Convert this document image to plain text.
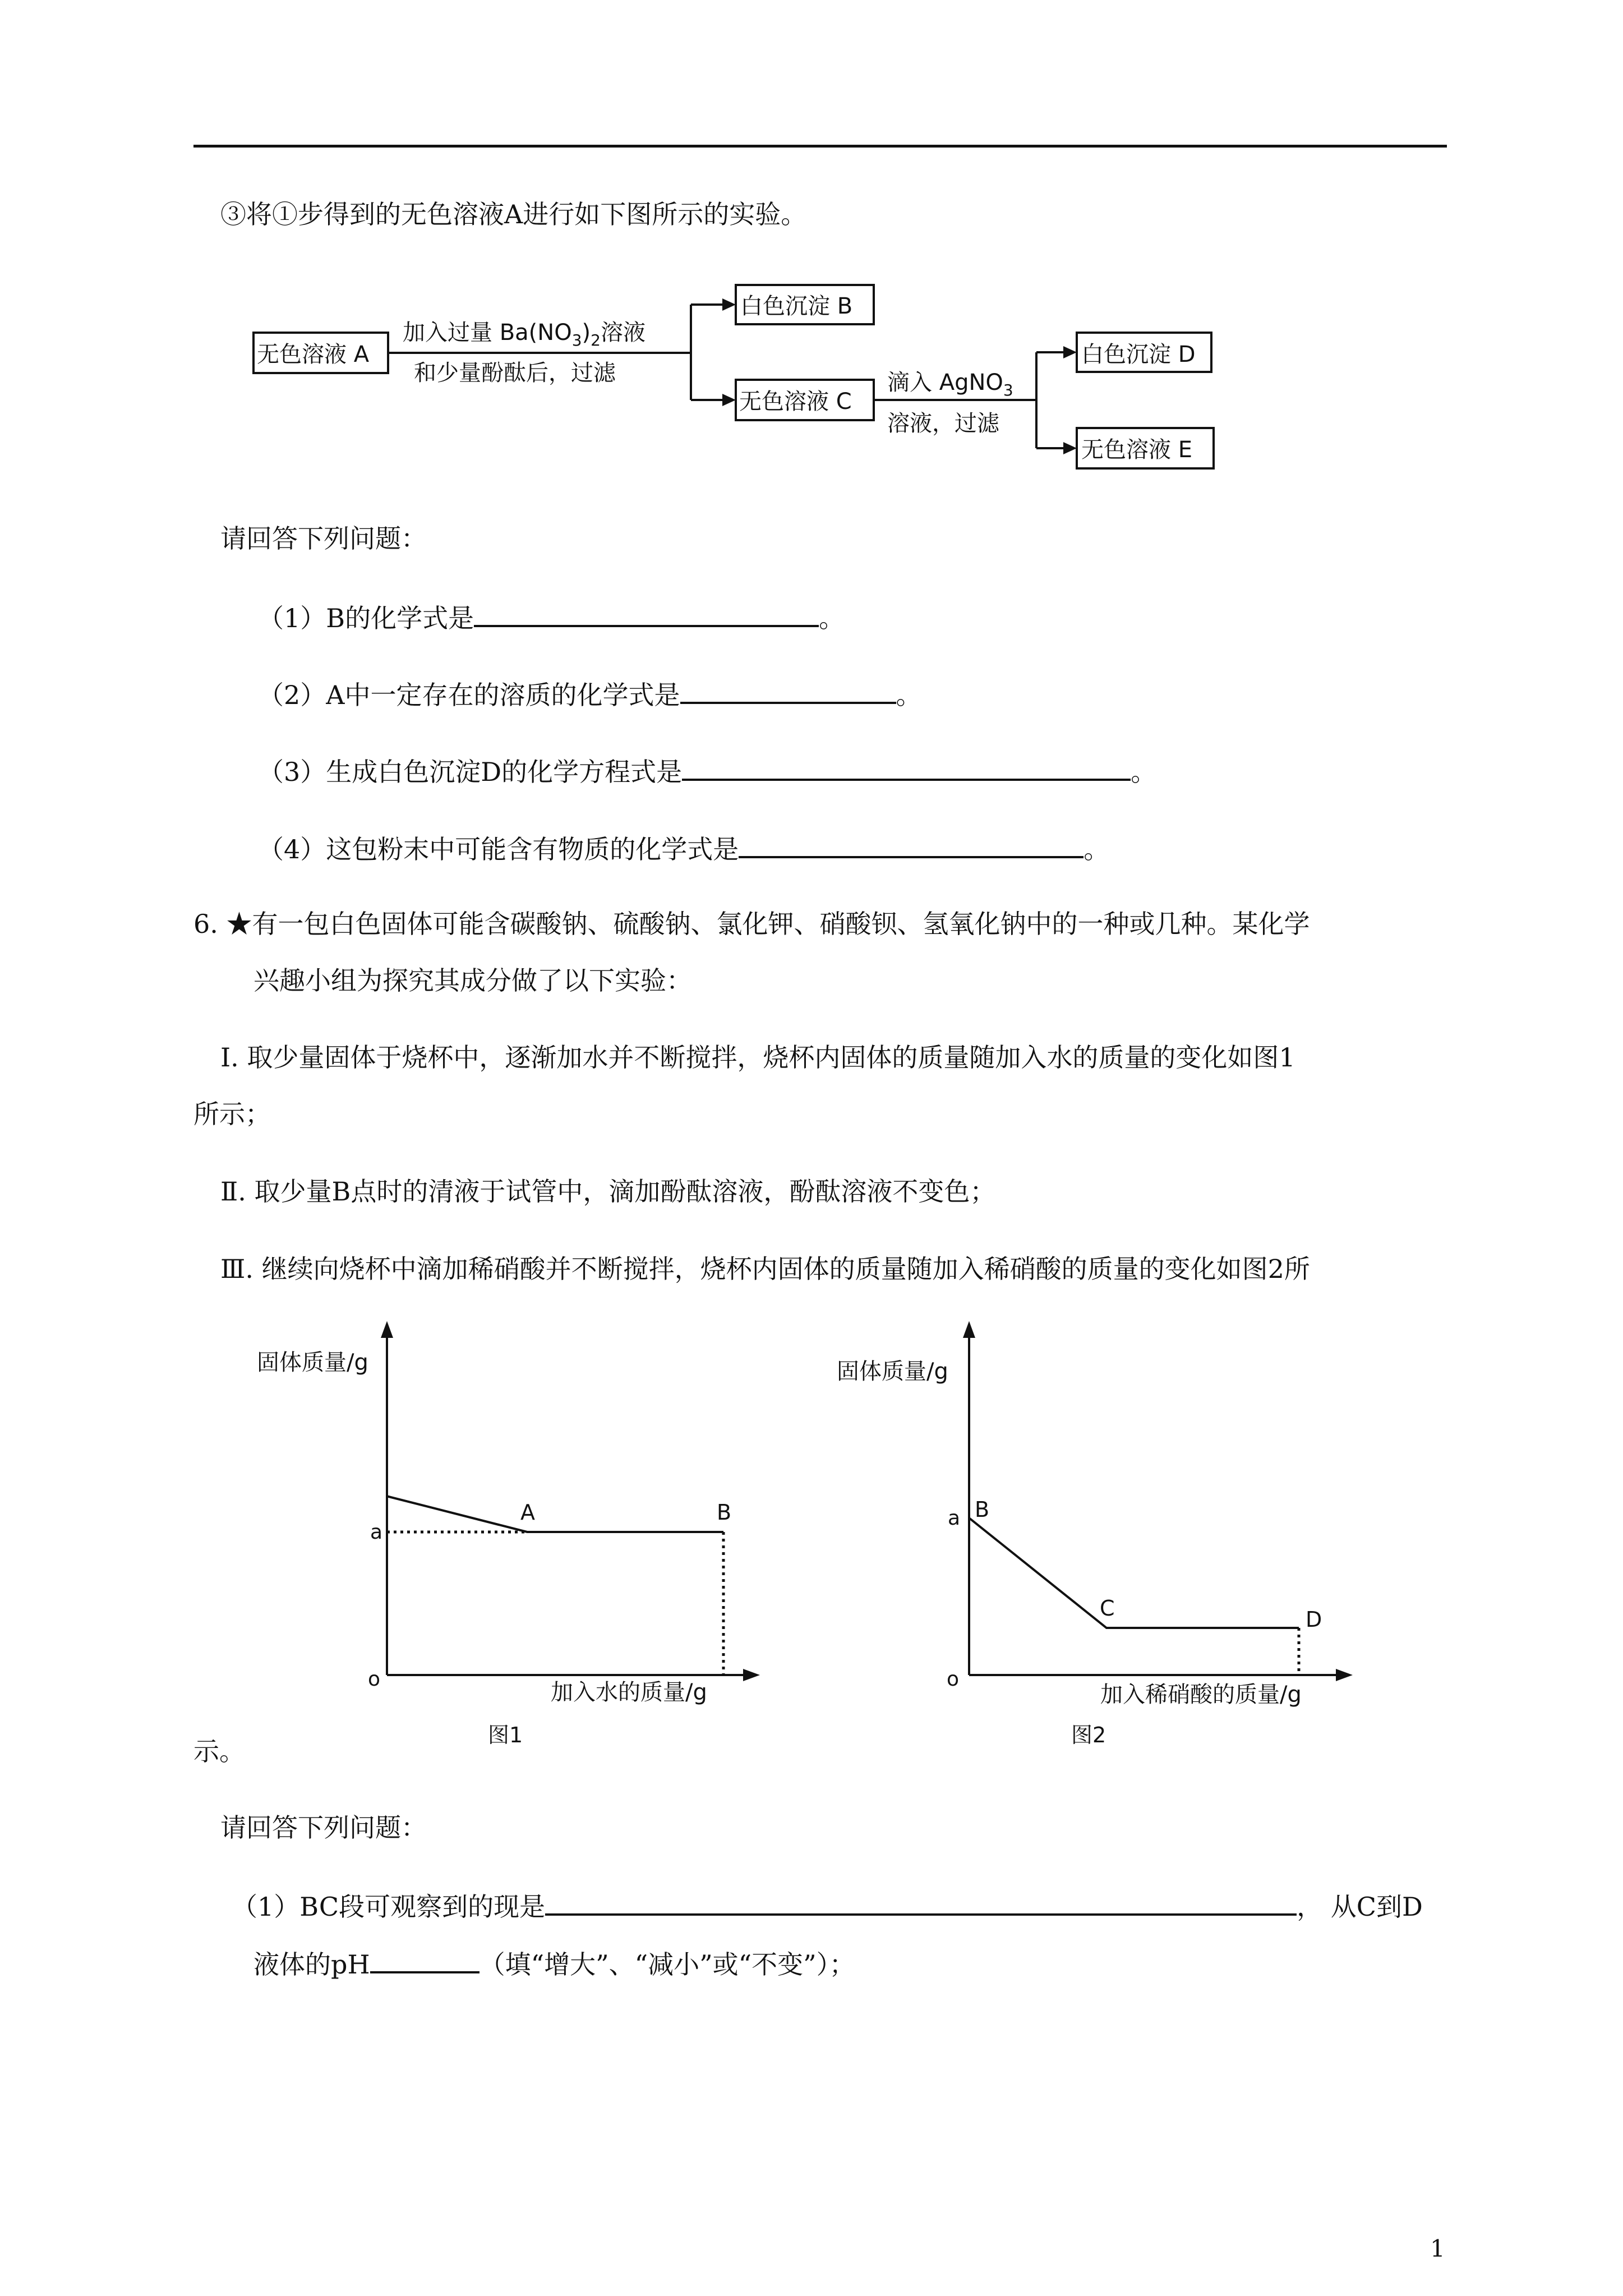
③将①步得到的无色溶液A进行如下图所示的实验。
无色溶液 A
白色沉淀 B
无色溶液 C
白色沉淀 D
无色溶液 E
加入过量 $Ba(NO_3)_2$溶液
和少量酚酞后，过滤	滴入 AgNO$_3$
溶液，过滤
请回答下列问题：
（1）B的化学式是	。
（2）A中一定存在的溶质的化学式是	。
（3）生成白色沉淀D的化学方程式是	。
（4）这包粉末中可能含有物质的化学式是	。
6. ★有一包白色固体可能含碳酸钠、硫酸钠、氯化钾、硝酸钡、氢氧化钠中的一种或几种。某化学
兴趣小组为探究其成分做了以下实验：
Ⅰ. 取少量固体于烧杯中，逐渐加水并不断搅拌，烧杯内固体的质量随加入水的质量的变化如图1
所示；
Ⅱ. 取少量B点时的清液于试管中，滴加酚酞溶液，酚酞溶液不变色；
Ⅲ. 继续向烧杯中滴加稀硝酸并不断搅拌，烧杯内固体的质量随加入稀硝酸的质量的变化如图2所
固体质量/g
加入水的质量/g
图1
o
a
A	B
固体质量/g
加入稀硝酸的质量/g
图2
o
a B
C	D
示。
请回答下列问题：
（1）BC段可观察到的现是	， 从C到D
液体的pH	（填“增大”、“减小”或“不变”）；
1
